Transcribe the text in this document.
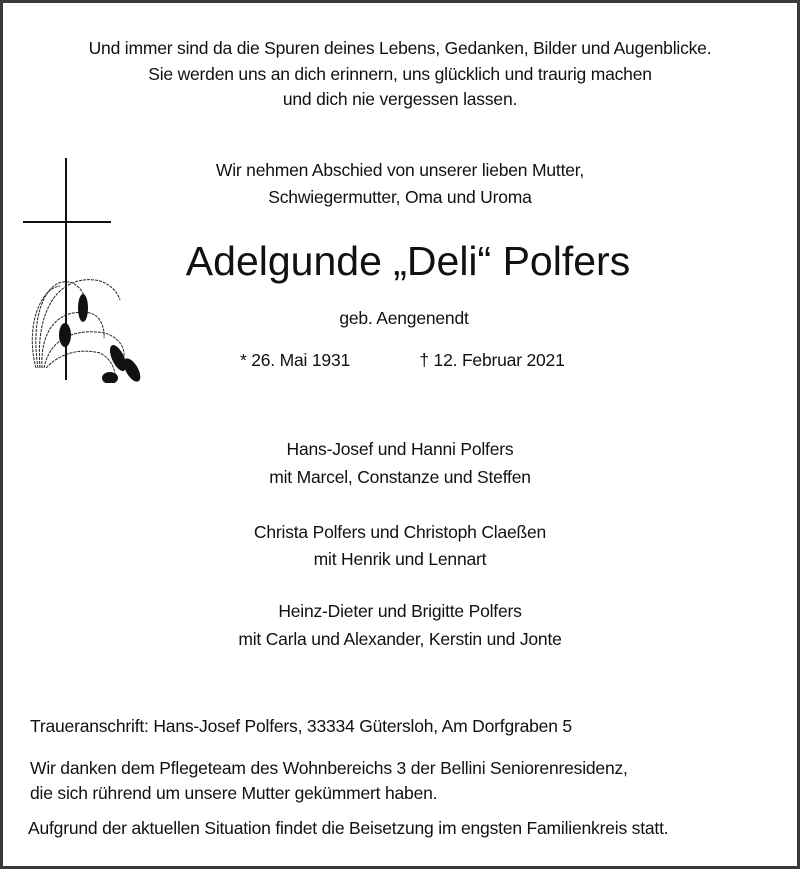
Und immer sind da die Spuren deines Lebens, Gedanken, Bilder und Augenblicke.
Sie werden uns an dich erinnern, uns glücklich und traurig machen
und dich nie vergessen lassen.
Wir nehmen Abschied von unserer lieben Mutter,
Schwiegermutter, Oma und Uroma
Adelgunde „Deli“ Polfers
geb. Aengenendt
* 26. Mai 1931	† 12. Februar 2021
Hans-Josef und Hanni Polfers
mit Marcel, Constanze und Steffen
Christa Polfers und Christoph Claeßen
mit Henrik und Lennart
Heinz-Dieter und Brigitte Polfers
mit Carla und Alexander, Kerstin und Jonte
Traueranschrift: Hans-Josef Polfers, 33334 Gütersloh, Am Dorfgraben 5
Wir danken dem Pflegeteam des Wohnbereichs 3 der Bellini Seniorenresidenz,
die sich rührend um unsere Mutter gekümmert haben.
Aufgrund der aktuellen Situation findet die Beisetzung im engsten Familienkreis statt.
